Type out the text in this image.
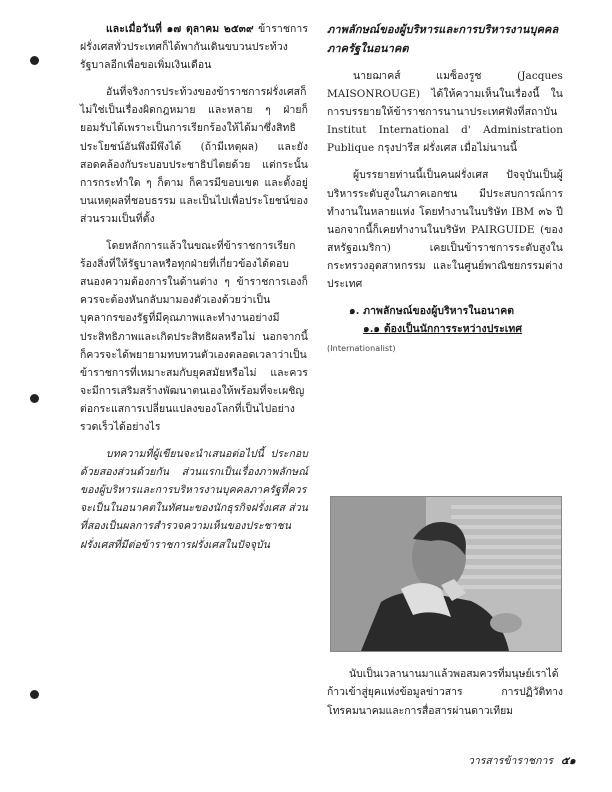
และเมื่อวันที่ ๑๗ ตุลาคม ๒๕๓๙ ข้าราชการฝรั่งเศสทั่วประเทศก็ได้พากันเดินขบวนประท้วงรัฐบาลอีกเพื่อขอเพิ่มเงินเดือน

อันที่จริงการประท้วงของข้าราชการฝรั่งเศสก็ไม่ใช่เป็นเรื่องผิดกฎหมาย และหลาย ๆ ฝ่ายก็ยอมรับได้เพราะเป็นการเรียกร้องให้ได้มาซึ่งสิทธิประโยชน์อันพึงมีพึงได้ (ถ้ามีเหตุผล) และยังสอดคล้องกับระบอบประชาธิปไตยด้วย แต่กระนั้นการกระทำใด ๆ ก็ตาม ก็ควรมีขอบเขต และตั้งอยู่บนเหตุผลที่ชอบธรรม และเป็นไปเพื่อประโยชน์ของส่วนรวมเป็นที่ตั้ง

โดยหลักการแล้วในขณะที่ข้าราชการเรียกร้องสิ่งที่ให้รัฐบาลหรือทุกฝ่ายที่เกี่ยวข้องได้ตอบสนองความต้องการในด้านต่าง ๆ ข้าราชการเองก็ควรจะต้องหันกลับมามองตัวเองด้วยว่าเป็นบุคลากรของรัฐที่มีคุณภาพและทำงานอย่างมีประสิทธิภาพและเกิดประสิทธิผลหรือไม่ นอกจากนี้ก็ควรจะได้พยายามทบทวนตัวเองตลอดเวลาว่าเป็นข้าราชการที่เหมาะสมกับยุคสมัยหรือไม่ และควรจะมีการเสริมสร้างพัฒนาตนเองให้พร้อมที่จะเผชิญต่อกระแสการเปลี่ยนแปลงของโลกที่เป็นไปอย่างรวดเร็วได้อย่างไร

บทความที่ผู้เขียนจะนำเสนอต่อไปนี้ ประกอบด้วยสองส่วนด้วยกัน ส่วนแรกเป็นเรื่องภาพลักษณ์ของผู้บริหารและการบริหารงานบุคคลภาครัฐที่ควรจะเป็นในอนาคตในทัศนะของนักธุรกิจฝรั่งเศส ส่วนที่สองเป็นผลการสำรวจความเห็นของประชาชนฝรั่งเศสที่มีต่อข้าราชการฝรั่งเศสในปัจจุบัน

ภาพลักษณ์ของผู้บริหารและการบริหารงานบุคคลภาครัฐในอนาคต

นายฌาคส์ แมซ็องรูช (Jacques MAISONROUGE) ได้ให้ความเห็นในเรื่องนี้ ในการบรรยายให้ข้าราชการนานาประเทศฟังที่สถาบัน Institut International d' Administration Publique กรุงปารีส ฝรั่งเศส เมื่อไม่นานนี้

ผู้บรรยายท่านนี้เป็นคนฝรั่งเศส ปัจจุบันเป็นผู้บริหารระดับสูงในภาคเอกชน มีประสบการณ์การทำงานในหลายแห่ง โดยทำงานในบริษัท IBM ๓๖ ปี นอกจากนี้ก็เคยทำงานในบริษัท PAIRGUIDE (ของสหรัฐอเมริกา) เคยเป็นข้าราชการระดับสูงในกระทรวงอุตสาหกรรม และในศูนย์พาณิชยกรรมต่างประเทศ

๑. ภาพลักษณ์ของผู้บริหารในอนาคต
๑.๑ ต้องเป็นนักการระหว่างประเทศ
(Internationalist)

นับเป็นเวลานานมาแล้วพอสมควรที่มนุษย์เราได้ก้าวเข้าสู่ยุคแห่งข้อมูลข่าวสาร การปฏิวัติทางโทรคมนาคมและการสื่อสารผ่านดาวเทียม

วารสารข้าราชการ ๕๑
